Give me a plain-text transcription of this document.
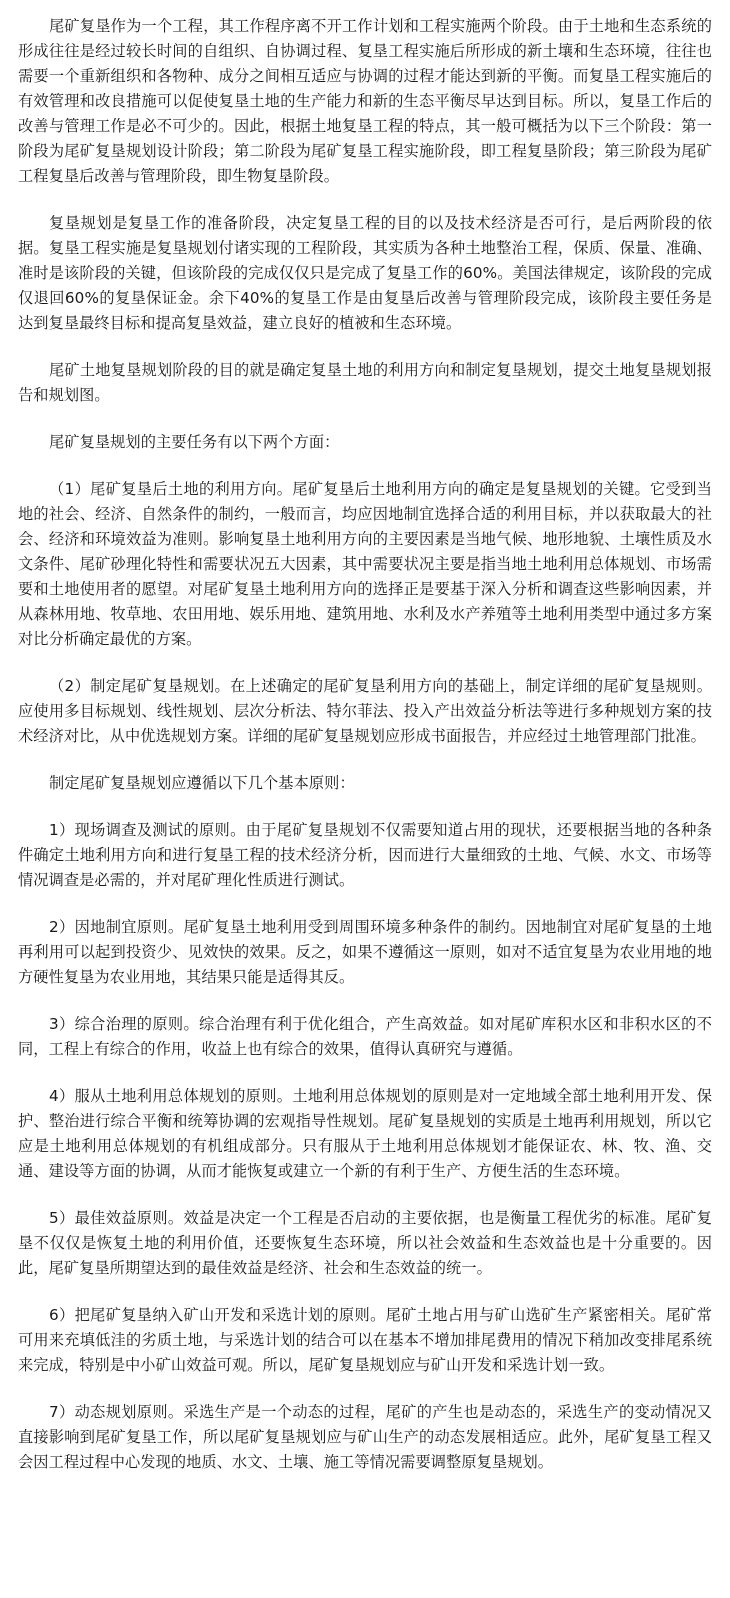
尾矿复垦作为一个工程，其工作程序离不开工作计划和工程实施两个阶段。由于土地和生态系统的形成往往是经过较长时间的自组织、自协调过程、复垦工程实施后所形成的新土壤和生态环境，往往也需要一个重新组织和各物种、成分之间相互适应与协调的过程才能达到新的平衡。而复垦工程实施后的有效管理和改良措施可以促使复垦土地的生产能力和新的生态平衡尽早达到目标。所以，复垦工作后的改善与管理工作是必不可少的。因此，根据土地复垦工程的特点，其一般可概括为以下三个阶段：第一阶段为尾矿复垦规划设计阶段；第二阶段为尾矿复垦工程实施阶段，即工程复垦阶段；第三阶段为尾矿工程复垦后改善与管理阶段，即生物复垦阶段。

复垦规划是复垦工作的准备阶段，决定复垦工程的目的以及技术经济是否可行，是后两阶段的依据。复垦工程实施是复垦规划付诸实现的工程阶段，其实质为各种土地整治工程，保质、保量、准确、准时是该阶段的关键，但该阶段的完成仅仅只是完成了复垦工作的60%。美国法律规定，该阶段的完成仅退回60%的复垦保证金。余下40%的复垦工作是由复垦后改善与管理阶段完成，该阶段主要任务是达到复垦最终目标和提高复垦效益，建立良好的植被和生态环境。

尾矿土地复垦规划阶段的目的就是确定复垦土地的利用方向和制定复垦规划，提交土地复垦规划报告和规划图。

尾矿复垦规划的主要任务有以下两个方面：

（1）尾矿复垦后土地的利用方向。尾矿复垦后土地利用方向的确定是复垦规划的关键。它受到当地的社会、经济、自然条件的制约，一般而言，均应因地制宜选择合适的利用目标，并以获取最大的社会、经济和环境效益为准则。影响复垦土地利用方向的主要因素是当地气候、地形地貌、土壤性质及水文条件、尾矿砂理化特性和需要状况五大因素，其中需要状况主要是指当地土地利用总体规划、市场需要和土地使用者的愿望。对尾矿复垦土地利用方向的选择正是要基于深入分析和调查这些影响因素，并从森林用地、牧草地、农田用地、娱乐用地、建筑用地、水利及水产养殖等土地利用类型中通过多方案对比分析确定最优的方案。

（2）制定尾矿复垦规划。在上述确定的尾矿复垦利用方向的基础上，制定详细的尾矿复垦规则。应使用多目标规划、线性规划、层次分析法、特尔菲法、投入产出效益分析法等进行多种规划方案的技术经济对比，从中优选规划方案。详细的尾矿复垦规划应形成书面报告，并应经过土地管理部门批准。

制定尾矿复垦规划应遵循以下几个基本原则：

1）现场调查及测试的原则。由于尾矿复垦规划不仅需要知道占用的现状，还要根据当地的各种条件确定土地利用方向和进行复垦工程的技术经济分析，因而进行大量细致的土地、气候、水文、市场等情况调查是必需的，并对尾矿理化性质进行测试。

2）因地制宜原则。尾矿复垦土地利用受到周围环境多种条件的制约。因地制宜对尾矿复垦的土地再利用可以起到投资少、见效快的效果。反之，如果不遵循这一原则，如对不适宜复垦为农业用地的地方硬性复垦为农业用地，其结果只能是适得其反。

3）综合治理的原则。综合治理有利于优化组合，产生高效益。如对尾矿库积水区和非积水区的不同，工程上有综合的作用，收益上也有综合的效果，值得认真研究与遵循。

4）服从土地利用总体规划的原则。土地利用总体规划的原则是对一定地域全部土地利用开发、保护、整治进行综合平衡和统筹协调的宏观指导性规划。尾矿复垦规划的实质是土地再利用规划，所以它应是土地利用总体规划的有机组成部分。只有服从于土地利用总体规划才能保证农、林、牧、渔、交通、建设等方面的协调，从而才能恢复或建立一个新的有利于生产、方便生活的生态环境。

5）最佳效益原则。效益是决定一个工程是否启动的主要依据，也是衡量工程优劣的标准。尾矿复垦不仅仅是恢复土地的利用价值，还要恢复生态环境，所以社会效益和生态效益也是十分重要的。因此，尾矿复垦所期望达到的最佳效益是经济、社会和生态效益的统一。

6）把尾矿复垦纳入矿山开发和采选计划的原则。尾矿土地占用与矿山选矿生产紧密相关。尾矿常可用来充填低洼的劣质土地，与采选计划的结合可以在基本不增加排尾费用的情况下稍加改变排尾系统来完成，特别是中小矿山效益可观。所以，尾矿复垦规划应与矿山开发和采选计划一致。

7）动态规划原则。采选生产是一个动态的过程，尾矿的产生也是动态的，采选生产的变动情况又直接影响到尾矿复垦工作，所以尾矿复垦规划应与矿山生产的动态发展相适应。此外，尾矿复垦工程又会因工程过程中心发现的地质、水文、土壤、施工等情况需要调整原复垦规划。
